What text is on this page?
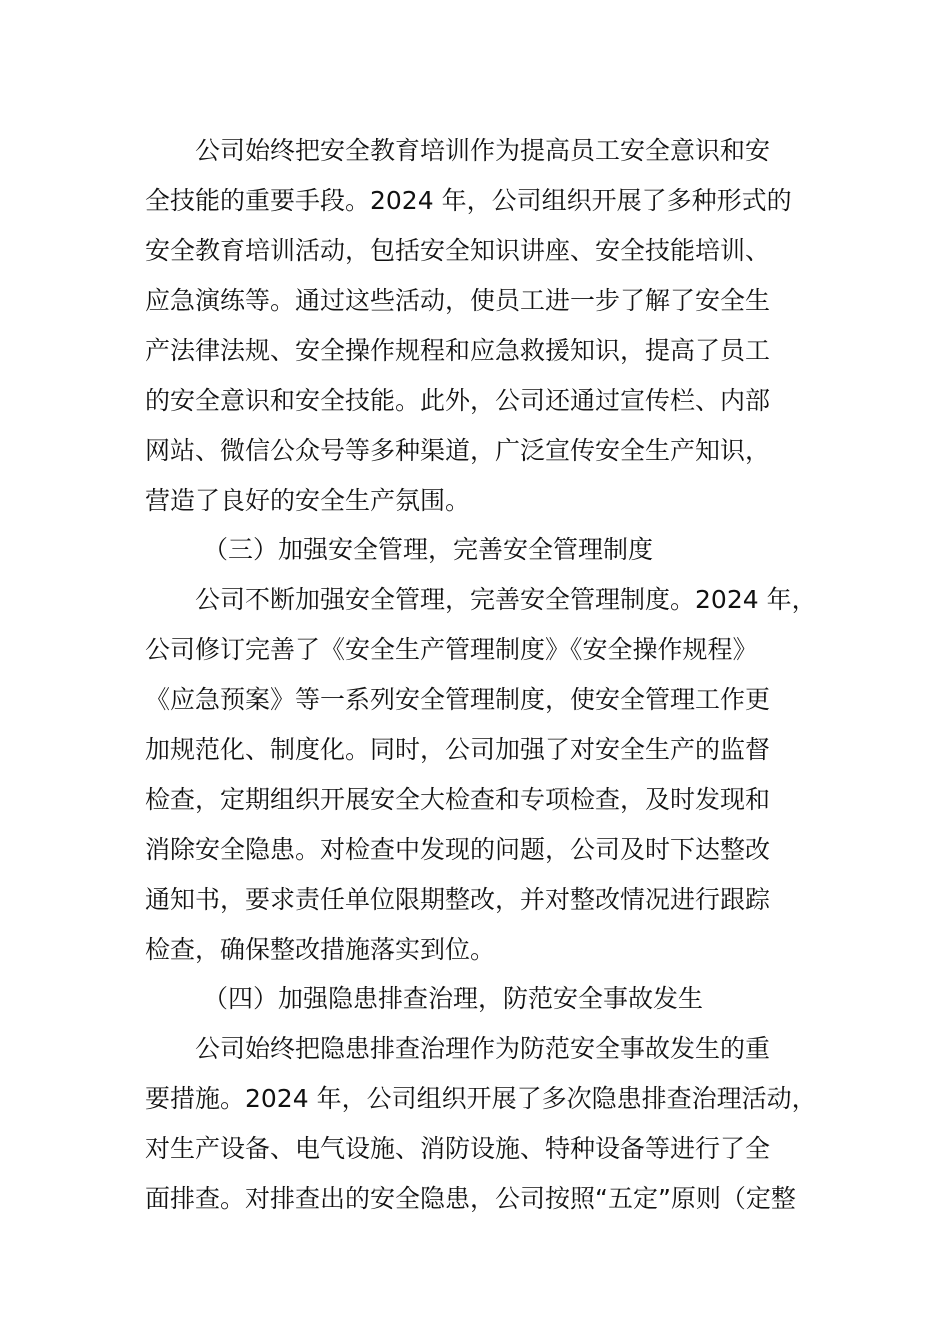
公司始终把安全教育培训作为提高员工安全意识和安
全技能的重要手段。2024 年，公司组织开展了多种形式的
安全教育培训活动，包括安全知识讲座、安全技能培训、
应急演练等。通过这些活动，使员工进一步了解了安全生
产法律法规、安全操作规程和应急救援知识，提高了员工
的安全意识和安全技能。此外，公司还通过宣传栏、内部
网站、微信公众号等多种渠道，广泛宣传安全生产知识，
营造了良好的安全生产氛围。
（三）加强安全管理，完善安全管理制度
公司不断加强安全管理，完善安全管理制度。2024 年，
公司修订完善了《安全生产管理制度》《安全操作规程》
《应急预案》等一系列安全管理制度，使安全管理工作更
加规范化、制度化。同时，公司加强了对安全生产的监督
检查，定期组织开展安全大检查和专项检查，及时发现和
消除安全隐患。对检查中发现的问题，公司及时下达整改
通知书，要求责任单位限期整改，并对整改情况进行跟踪
检查，确保整改措施落实到位。
（四）加强隐患排查治理，防范安全事故发生
公司始终把隐患排查治理作为防范安全事故发生的重
要措施。2024 年，公司组织开展了多次隐患排查治理活动，
对生产设备、电气设施、消防设施、特种设备等进行了全
面排查。对排查出的安全隐患，公司按照“五定”原则（定整
